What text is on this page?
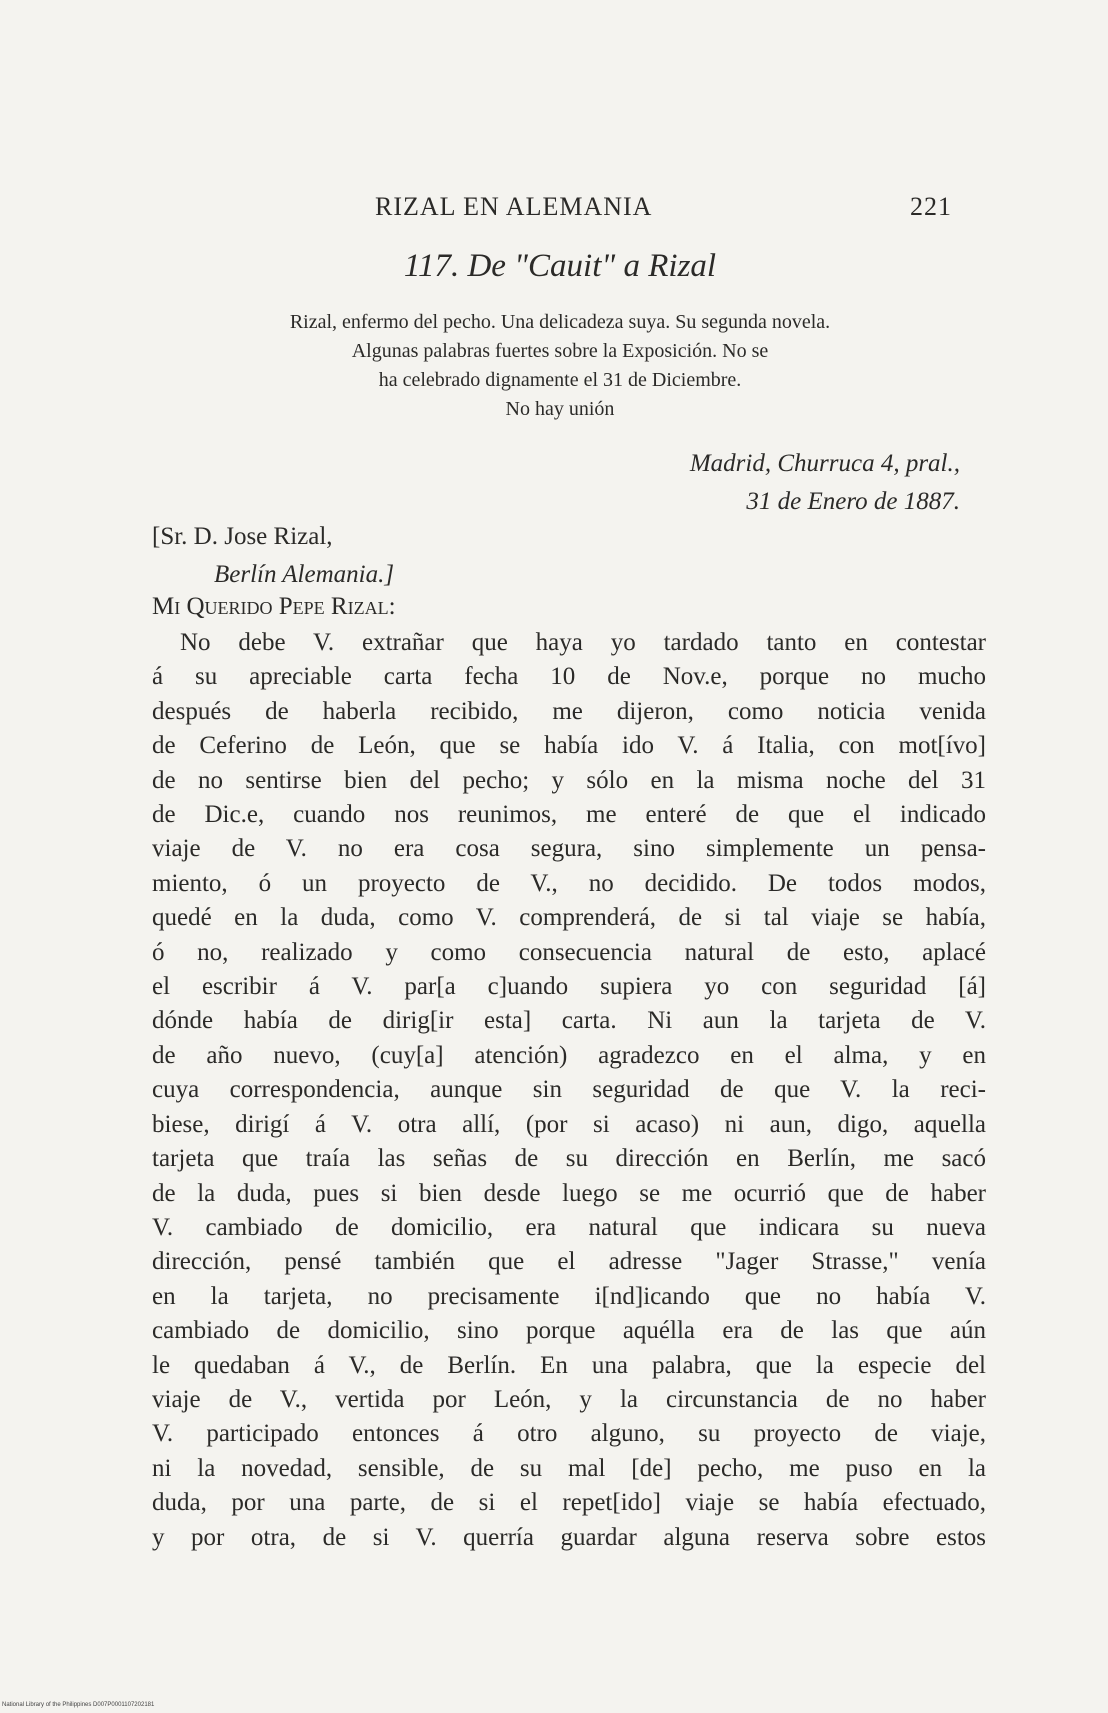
RIZAL EN ALEMANIA	221
117. De "Cauit" a Rizal
Rizal, enfermo del pecho. Una delicadeza suya. Su segunda novela.
Algunas palabras fuertes sobre la Exposición. No se
ha celebrado dignamente el 31 de Diciembre.
No hay unión
Madrid, Churruca 4, pral.,
31 de Enero de 1887.
[Sr. D. Jose Rizal,
Berlín Alemania.]
Mi Querido Pepe Rizal:
No debe V. extrañar que haya yo tardado tanto en contestar
á su apreciable carta fecha 10 de Nov.e, porque no mucho
después de haberla recibido, me dijeron, como noticia venida
de Ceferino de León, que se había ido V. á Italia, con mot[ívo]
de no sentirse bien del pecho; y sólo en la misma noche del 31
de Dic.e, cuando nos reunimos, me enteré de que el indicado
viaje de V. no era cosa segura, sino simplemente un pensa-
miento, ó un proyecto de V., no decidido. De todos modos,
quedé en la duda, como V. comprenderá, de si tal viaje se había,
ó no, realizado y como consecuencia natural de esto, aplacé
el escribir á V. par[a c]uando supiera yo con seguridad [á]
dónde había de dirig[ir esta] carta. Ni aun la tarjeta de V.
de año nuevo, (cuy[a] atención) agradezco en el alma, y en
cuya correspondencia, aunque sin seguridad de que V. la reci-
biese, dirigí á V. otra allí, (por si acaso) ni aun, digo, aquella
tarjeta que traía las señas de su dirección en Berlín, me sacó
de la duda, pues si bien desde luego se me ocurrió que de haber
V. cambiado de domicilio, era natural que indicara su nueva
dirección, pensé también que el adresse "Jager Strasse," venía
en la tarjeta, no precisamente i[nd]icando que no había V.
cambiado de domicilio, sino porque aquélla era de las que aún
le quedaban á V., de Berlín. En una palabra, que la especie del
viaje de V., vertida por León, y la circunstancia de no haber
V. participado entonces á otro alguno, su proyecto de viaje,
ni la novedad, sensible, de su mal [de] pecho, me puso en la
duda, por una parte, de si el repet[ido] viaje se había efectuado,
y por otra, de si V. querría guardar alguna reserva sobre estos
National Library of the Philippines D007P0001107202181
